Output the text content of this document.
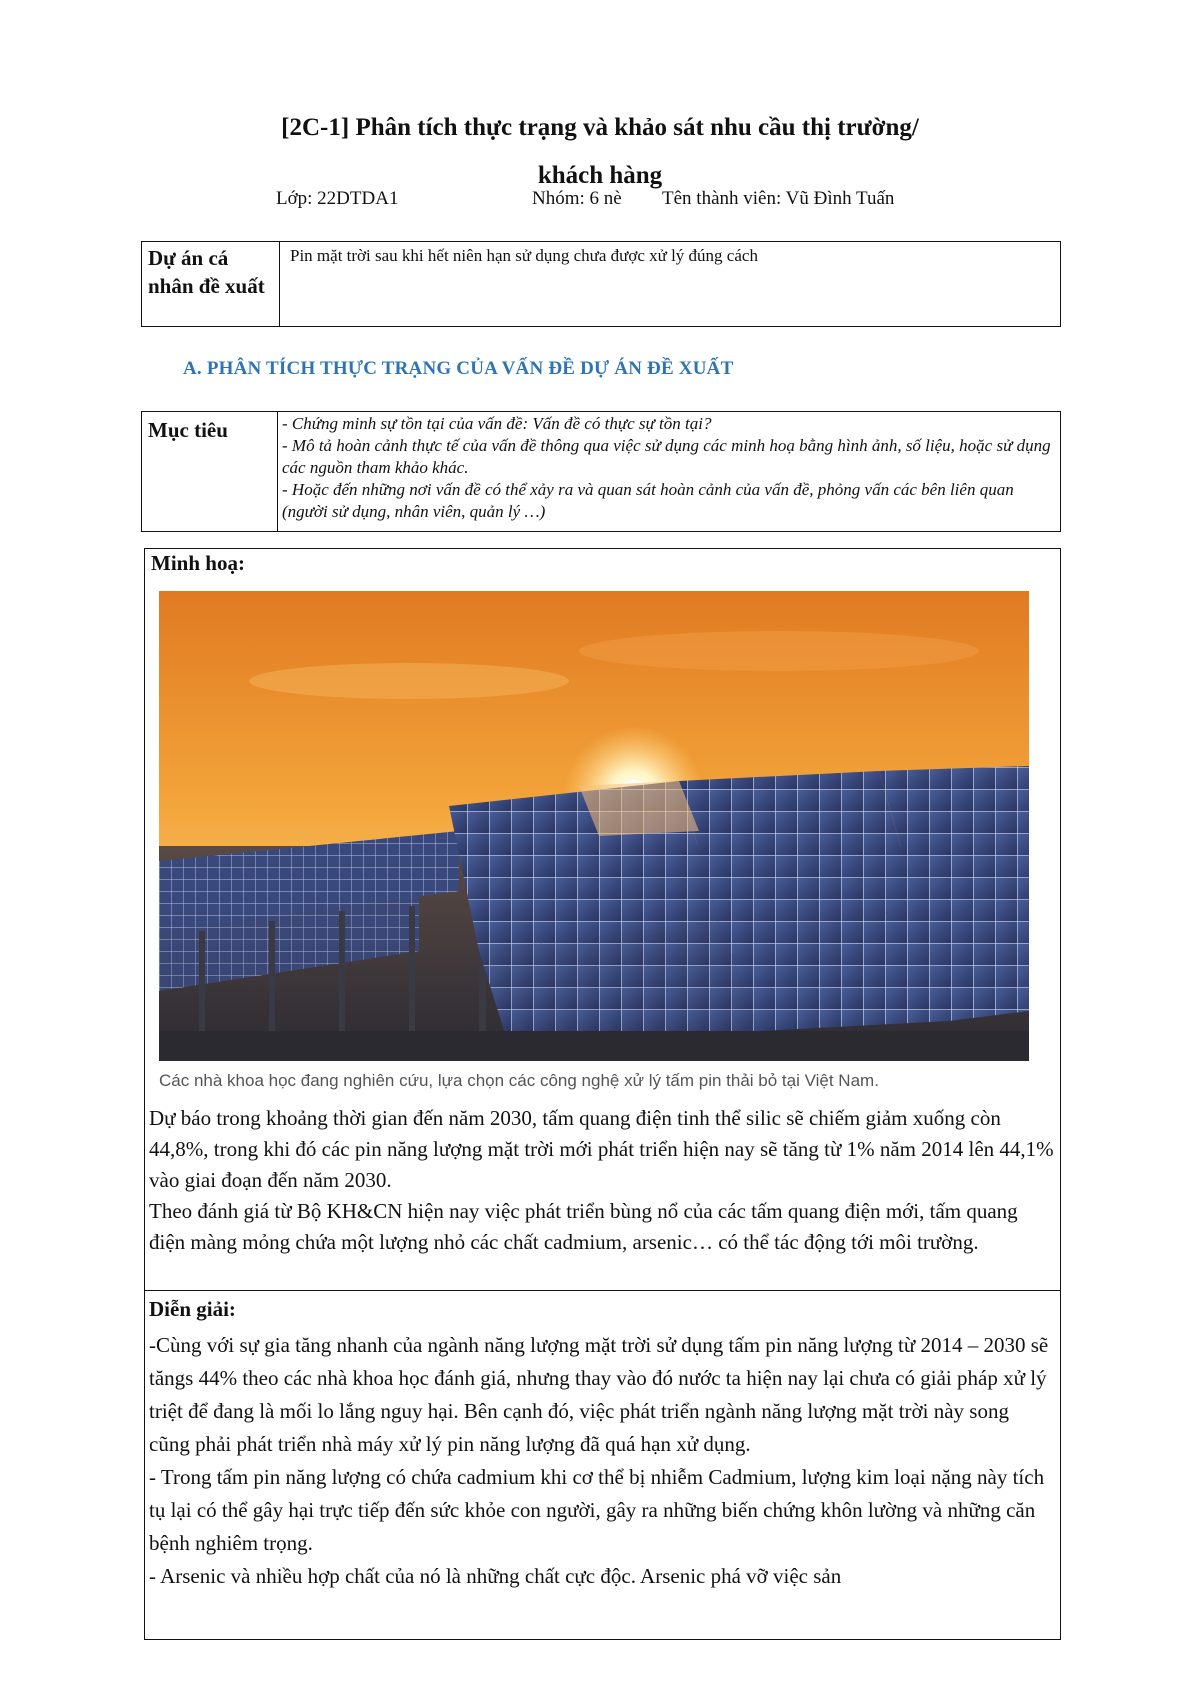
[2C-1] Phân tích thực trạng và khảo sát nhu cầu thị trường/
khách hàng
Lớp: 22DTDA1	Nhóm: 6 nè Tên thành viên: Vũ Đình Tuấn
Dự án cá nhân đề xuất	Pin mặt trời sau khi hết niên hạn sử dụng chưa được xử lý đúng cách
A. PHÂN TÍCH THỰC TRẠNG CỦA VẤN ĐỀ DỰ ÁN ĐỀ XUẤT
Mục tiêu	- Chứng minh sự tồn tại của vấn đề: Vấn đề có thực sự tồn tại?
- Mô tả hoàn cảnh thực tế của vấn đề thông qua việc sử dụng các minh hoạ bằng hình ảnh, số liệu, hoặc sử dụng các nguồn tham khảo khác.
- Hoặc đến những nơi vấn đề có thể xảy ra và quan sát hoàn cảnh của vấn đề, phỏng vấn các bên liên quan (người sử dụng, nhân viên, quản lý …)
Minh hoạ:
Các nhà khoa học đang nghiên cứu, lựa chọn các công nghệ xử lý tấm pin thải bỏ tại Việt Nam.
Dự báo trong khoảng thời gian đến năm 2030, tấm quang điện tinh thể silic sẽ chiếm giảm xuống còn 44,8%, trong khi đó các pin năng lượng mặt trời mới phát triển hiện nay sẽ tăng từ 1% năm 2014 lên 44,1% vào giai đoạn đến năm 2030.
Theo đánh giá từ Bộ KH&CN hiện nay việc phát triển bùng nổ của các tấm quang điện mới, tấm quang điện màng mỏng chứa một lượng nhỏ các chất cadmium, arsenic… có thể tác động tới môi trường.
Diễn giải:

-Cùng với sự gia tăng nhanh của ngành năng lượng mặt trời sử dụng tấm pin năng lượng từ 2014 – 2030 sẽ tăngs 44% theo các nhà khoa học đánh giá, nhưng thay vào đó nước ta hiện nay lại chưa có giải pháp xử lý triệt để đang là mối lo lắng nguy hại. Bên cạnh đó, việc phát triển ngành năng lượng mặt trời này song cũng phải phát triển nhà máy xử lý pin năng lượng đã quá hạn xử dụng.

- Trong tấm pin năng lượng có chứa cadmium khi cơ thể bị nhiễm Cadmium, lượng kim loại nặng này tích tụ lại có thể gây hại trực tiếp đến sức khỏe con người, gây ra những biến chứng khôn lường và những căn bệnh nghiêm trọng.

- Arsenic và nhiều hợp chất của nó là những chất cực độc. Arsenic phá vỡ việc sản
